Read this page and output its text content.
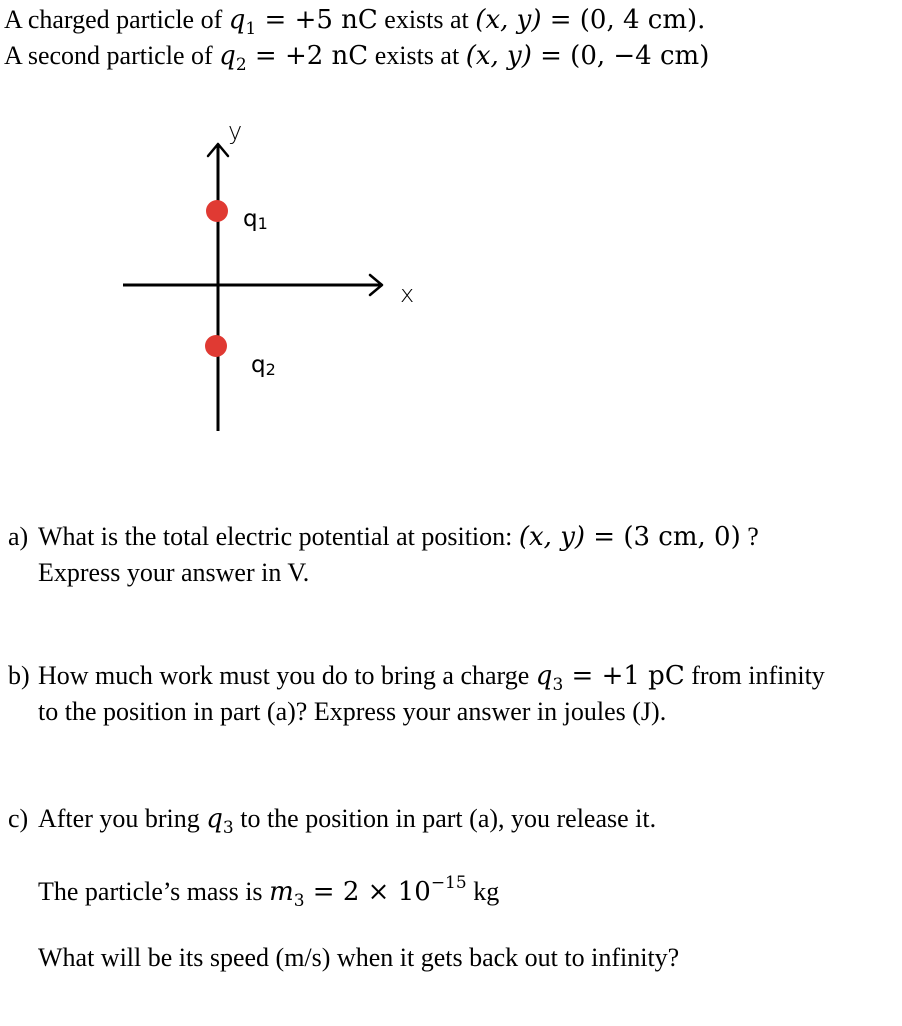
A charged particle of $q_1 = +5$ nC exists at (x, y) = (0, 4 cm).
A second particle of $q_2 = +2$ nC exists at (x, y) = (0, −4 cm)
y
x
q1
q2
a) What is the total electric potential at position: (x, y) = (3 cm, 0) ?
Express your answer in V.
b) How much work must you do to bring a charge $q_3 = +1$ pC from infinity
to the position in part (a)? Express your answer in joules (J).
c) After you bring $q_3$ to the position in part (a), you release it.
The particle’s mass is $m_3 = 2 \times 10^{-15}$ kg
What will be its speed (m/s) when it gets back out to infinity?
